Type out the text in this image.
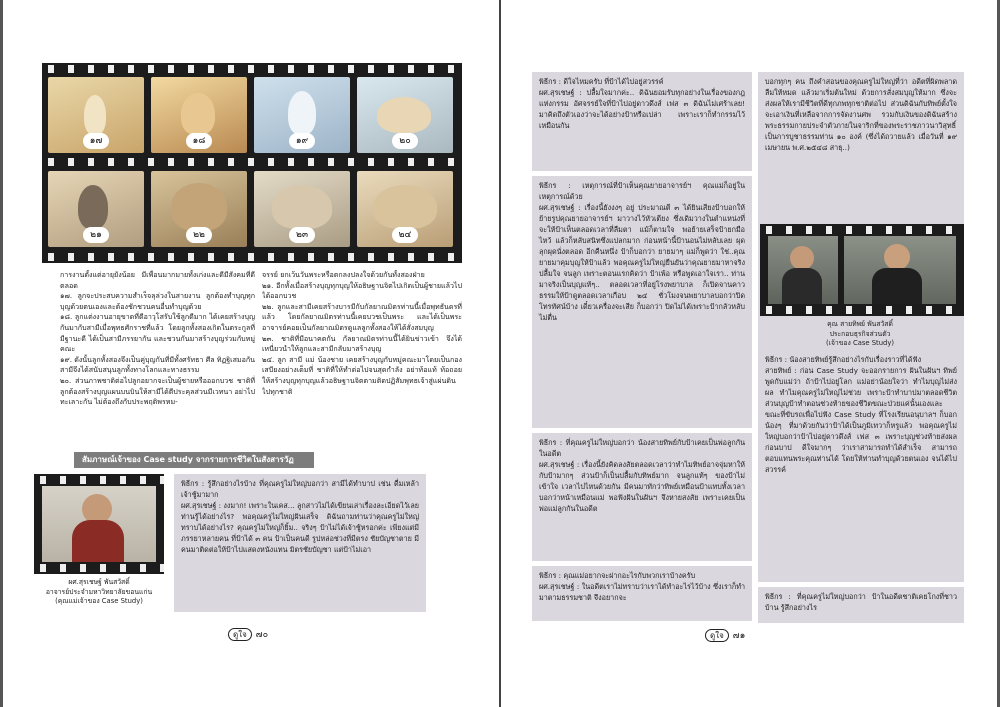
๑๗	๑๘	๑๙	๒๐
๒๑	๒๒	๒๓	๒๔
การงานตั้งแต่อายุยังน้อย มีเพื่อนมากมายทั้งเก่งและดีมีสังคมที่ดีตลอด
๑๗. ลูกจะประสบความสำเร็จลุล่วงในสายงาน ลูกต้องทำบุญทุกบุญด้วยตนเองและต้องชักชวนคนอื่นทำบุญด้วย
๑๘. ลูกแต่งงานอายุขาดที่ดีอาวุโสรับใช้ลูกดีมาก ได้เคยสร้างบุญกันมากับสามีเมื่อพุทธศักราชที่แล้ว โดยลูกทั้งสองเกิดในตระกูลที่มีฐานะดี ได้เป็นสามีภรรยากัน และชวนกันมาสร้างบุญร่วมกับหมู่คณะ
๑๙. ดังนั้นลูกทั้งสองจึงเป็นคู่บุญกันที่มีทั้งศรัทธา ศีล ทิฏฐิเสมอกัน สามีจึงได้สนับสนุนลูกทั้งทางโลกและทางธรรม
๒๐. ส่วนภาพชาติต่อไปลูกอยากจะเป็นผู้ชายหรือออกบวช ชาติที่ลูกต้องสร้างบุญแผนบนบินให้สามีได้ตีประคุลส่วนมีเวทนา อย่าไปทะเลาะกัน ไม่ต้องถึงกับประพฤติพรหม-
จรรย์ ยกเว้นวันพระหรือตกลงปลงใจด้วยกันทั้งสองฝ่าย
๒๑. อีกทั้งเมื่อสร้างบุญทุกบุญให้อธิษฐานจิตไปเกิดเป็นผู้ชายแล้วไปได้ออกบวช
๒๒. ลูกและสามีเคยสร้างบารมีกับกัลยาณมิตรท่านนี้เมื่อพุทธันดรที่แล้ว โดยกัลยาณมิตรท่านนี้เคยบวชเป็นพระ และได้เป็นพระอาจารย์คอยเป็นกัลยาณมิตรดูแลลูกทั้งสองให้ได้สั่งสมบุญ
๒๓. ชาติที่มีอนาคตกัน กัลยาณมิตรท่านนี้ได้ยินข่าวเข้า จึงได้เหนี่ยวนำให้ลูกและสามีกลับมาสร้างบุญ
๒๔. ลูก สามี แม่ น้องชาย เคยสร้างบุญกับหมู่คณะมาโดยเป็นกองเสบียงอย่างเต็มที่ ชาติที่ให้ทำต่อไปจนสุดกำลัง อย่าท้อแท้ ท้อถอย ให้สร้างบุญทุกบุญแล้วอธิษฐานจิตตามติดปฏิสัมพุทธเจ้าสู่แผ่นดินไปทุกชาติ
สัมภาษณ์เจ้าของ Case study จากรายการชีวิตในสังสารวัฏ
ผศ.สุรเชษฐ์ พันสวัสดิ์
อาจารย์ประจำมหาวิทยาลัยขอนแก่น
(คุณแม่เจ้าของ Case Study)
พิธีกร : รู้สึกอย่างไรบ้าง ที่คุณครูไม่ใหญ่บอกว่า สามีได้ทำบาป เช่น ดื่มเหล้า เจ้าชู้มามาก
ผศ.สุรเชษฐ์ : งงมาก! เพราะในเคส... ลูกสาวไม่ได้เขียนเล่าเรื่องละเอียดไว้เลย ท่านรู้ได้อย่างไร? พอคุณครูไม่ใหญ่ฝันเสร็จ ดิฉันถามท่านว่าคุณครูไม่ใหญ่ทราบได้อย่างไร? คุณครูไม่ใหญ่ก็ยิ้ม.. จริงๆ ป้าไม่ได้เจ้าชู้หรอกค่ะ เพียงแต่มีภรรยาหลายคน ที่ป้าได้ ๓ คน ป้าเป็นคนดี รูปหล่อช่วงที่มีตรง ชัยบัญชาตาย มีคนมาติดต่อให้ป้าไปแสดงหนังแทน มิตรชัยบัญชา แต่ป้าไม่เอา
ดูใจ	๗๐
พิธีกร : ดีใจไหมครับ ที่ป้าได้ไปอยู่สวรรค์
ผศ.สุรเชษฐ์ : ปลื้มใจมากค่ะ.. ดิฉันยอมรับทุกอย่างในเรื่องของกฎแห่งกรรม อัศจรรย์ใจที่ป้าไปอยู่ดาวดึงส์ เฟส ๓ ดิฉันไม่เศร้าเลย! มาคิดถึงตัวเองว่าจะได้อย่างป้าหรือเปล่า เพราะเราก็ทำกรรมไว้เหมือนกัน
พิธีกร : เหตุการณ์ที่ป้าเห็นคุณยายอาจารย์ฯ คุณแม่ก็อยู่ในเหตุการณ์ด้วย
ผศ.สุรเชษฐ์ : เรื่องนี้ยังงงๆ อยู่ ประมาณตี ๓ ได้ยินเสียงป้าบอกให้ย้ายรูปคุณยายอาจารย์ฯ มาวางไว้หัวเตียง ซึ่งเดิมวางในตำแหน่งที่จะให้ป้าเห็นตลอดเวลาที่ลืมตา แม้ก็ตามใจ พอย้ายเสร็จป้ายกมือไหว้ แล้วก็หลับสนิทซึ่งแปลกมาก ก่อนหน้านี้ป้านอนไม่หลับเลย ผุดลุกผุดนั่งตลอด อีกคืนหนึ่ง ป้าก็บอกว่า ยายมาๆ แม่ก็พูดว่า ใช่..คุณยายมาคุมบุญให้ป้าแล้ว พอคุณครูไม่ใหญ่ยืนยันว่าคุณยายมาหาจริง ปลื้มใจ จนลูก เพราะตอนแรกคิดว่า ป้าเพ้อ หรือพูดเอาใจเรา.. ท่านมาจริงเป็นบุญแท้ๆ.. ตลอดเวลาที่อยู่โรงพยาบาล ก็เปิดจานคาวธรรมให้ป้าดูตลอดเวลาเกือบ ๒๔ ชั่วโมงจนพยาบาลบอกว่าปิดโทรทัศน์บ้าง เดี๋ยวเครื่องจะเสีย ก็บอกว่า ปิดไม่ได้เพราะป้ากลัวหลับไม่ตื่น
พิธีกร : ที่คุณครูไม่ใหญ่บอกว่า น้องสายทิพย์กับป้าเคยเป็นพ่อลูกกันในอดีต
ผศ.สุรเชษฐ์ : เรื่องนี้ยังคิดลงสัยตลอดเวลาว่าทำไมทิพย์อาจจุ่มหาให้กับป้ามากๆ ส่วนป้าก็เป็นปลื้มกับทิพย์มาก จนลูกแท้ๆ ของป้าไม่เข้าใจ เวลาไปไหนด้วยกัน มีคนมาทักว่าทิพย์เหมือนป้าแทบทั้งเวลาบอกว่าหน้าเหมือนแม่ พอฟังฝันในฝันฯ จึงหายสงสัย เพราะเคยเป็นพ่อแม่ลูกกันในอดีต
พิธีกร : คุณแม่อยากจะฝากอะไรกับพวกเราบ้างครับ
ผศ.สุรเชษฐ์ : ในอดีตเราไม่ทราบว่าเราได้ทำอะไรไว้บ้าง ซึ่งเราก็ทำมาตามธรรมชาติ จึงอยากจะ
บอกทุกๆ คน ถึงคำสอนของคุณครูไม่ใหญ่ที่ว่า อดีตที่ผิดพลาดลืมให้หมด แล้วมาเริ่มต้นใหม่ ด้วยการสั่งสมบุญให้มาก ซึ่งจะส่งผลให้เรามีชีวิตที่ดีทุกภพทุกชาติต่อไป ส่วนดิฉันกับทิพย์ตั้งใจจะเอาเงินที่เหลือจากการจัดงานศพ รวมกับเงินของดิฉันสร้างพระธรรมกายประจำตัวภายในจาริกที่ของพระราชภาวนาวิสุทธิ์ เป็นการบูชาธรรมท่าน ๑๐ องค์ (ซึ่งได้ถวายแล้ว เมื่อวันที่ ๑๙ เมษายน พ.ศ.๒๕๔๘ สาธุ..)
คุณ สายทิพย์ พันสวัสดิ์
ประกอบธุรกิจส่วนตัว
(เจ้าของ Case Study)
พิธีกร : น้องสายทิพย์รู้สึกอย่างไรกับเรื่องราวที่ได้ฟัง
สายทิพย์ : ก่อน Case Study จะออกรายการ ฝันในฝันฯ ทิพย์พูดกับแม่ว่า ถ้าป้าไปอยู่โลก แม่อย่าน้อยใจว่า ทำไมบุญไม่ส่งผล ทำไมคุณครูไม่ใหญ่ไม่ช่วย เพราะป้าทำบาปมาตลอดชีวิต ส่วนบุญป้าทำตอนช่วงท้ายของชีวิตขณะป่วยแค่นั้นเองและขณะที่ขับรถเพื่อไปฟัง Case Study ที่โรงเรียนอนุบาลฯ ก็บอกน้องๆ ที่มาด้วยกันว่าป้าได้เป็นภูมิเทวาก็หรูแล้ว พอคุณครูไม่ใหญ่บอกว่าป้าไปอยู่ดาวดึงส์ เฟส ๓ เพราะบุญช่วงท้ายส่งผลก่อนบาป ดีใจมากๆ ว่าเราสามารถทำได้สำเร็จ สามารถตอบแทนพระคุณท่านได้ โดยให้ท่านทำบุญด้วยตนเอง จนได้ไปสวรรค์
พิธีกร : ที่คุณครูไม่ใหญ่บอกว่า ป้าในอดีตชาติเคยโกงที่ชาวบ้าน รู้สึกอย่างไร
ดูใจ	๗๑
